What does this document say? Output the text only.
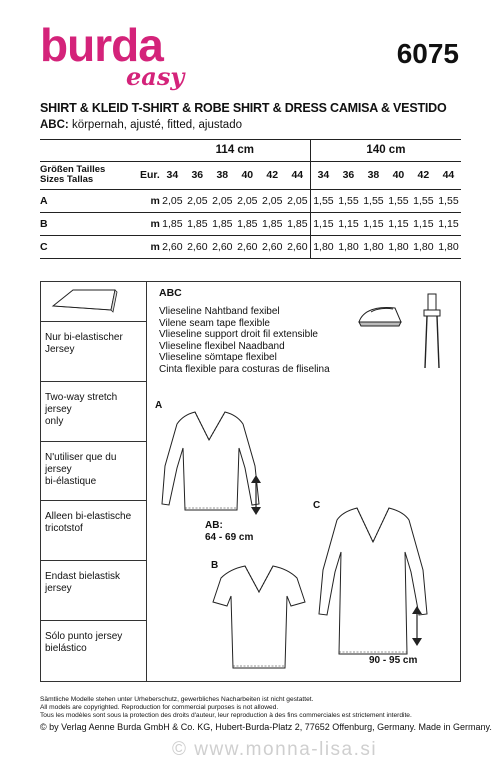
burda
easy
6075
SHIRT & KLEID T-SHIRT & ROBE SHIRT & DRESS CAMISA & VESTIDO
ABC: körpernah, ajusté, fitted, ajustado
		114 cm						140 cm					
Größen Tailles
Sizes Tallas	Eur.	34	36	38	40	42	44	34	36	38	40	42	44
A	m	2,05	2,05	2,05	2,05	2,05	2,05	1,55	1,55	1,55	1,55	1,55	1,55
B	m	1,85	1,85	1,85	1,85	1,85	1,85	1,15	1,15	1,15	1,15	1,15	1,15
C	m	2,60	2,60	2,60	2,60	2,60	2,60	1,80	1,80	1,80	1,80	1,80	1,80
Nur bi-elastischer
Jersey
Two-way stretch jersey
only
N'utiliser que du jersey
bi-élastique
Alleen bi-elastische
tricotstof
Endast bielastisk
jersey
Sólo punto jersey
bielástico
ABC
Vlieseline Nahtband fexibel
Vilene seam tape flexible
Vlieseline support droit fil extensible
Vlieseline flexibel Naadband
Vlieseline sömtape flexibel
Cinta flexible para costuras de fliselina
A
B
C
AB:
64 - 69 cm
90 - 95 cm
Sämtliche Modelle stehen unter Urheberschutz, gewerbliches Nacharbeiten ist nicht gestattet.
All models are copyrighted. Reproduction for commercial purposes is not allowed.
Tous les modèles sont sous la protection des droits d'auteur, leur reproduction à des fins commerciales est strictement interdite.
© by Verlag Aenne Burda GmbH & Co. KG, Hubert-Burda-Platz 2, 77652 Offenburg, Germany. Made in Germany.
© www.monna-lisa.si
